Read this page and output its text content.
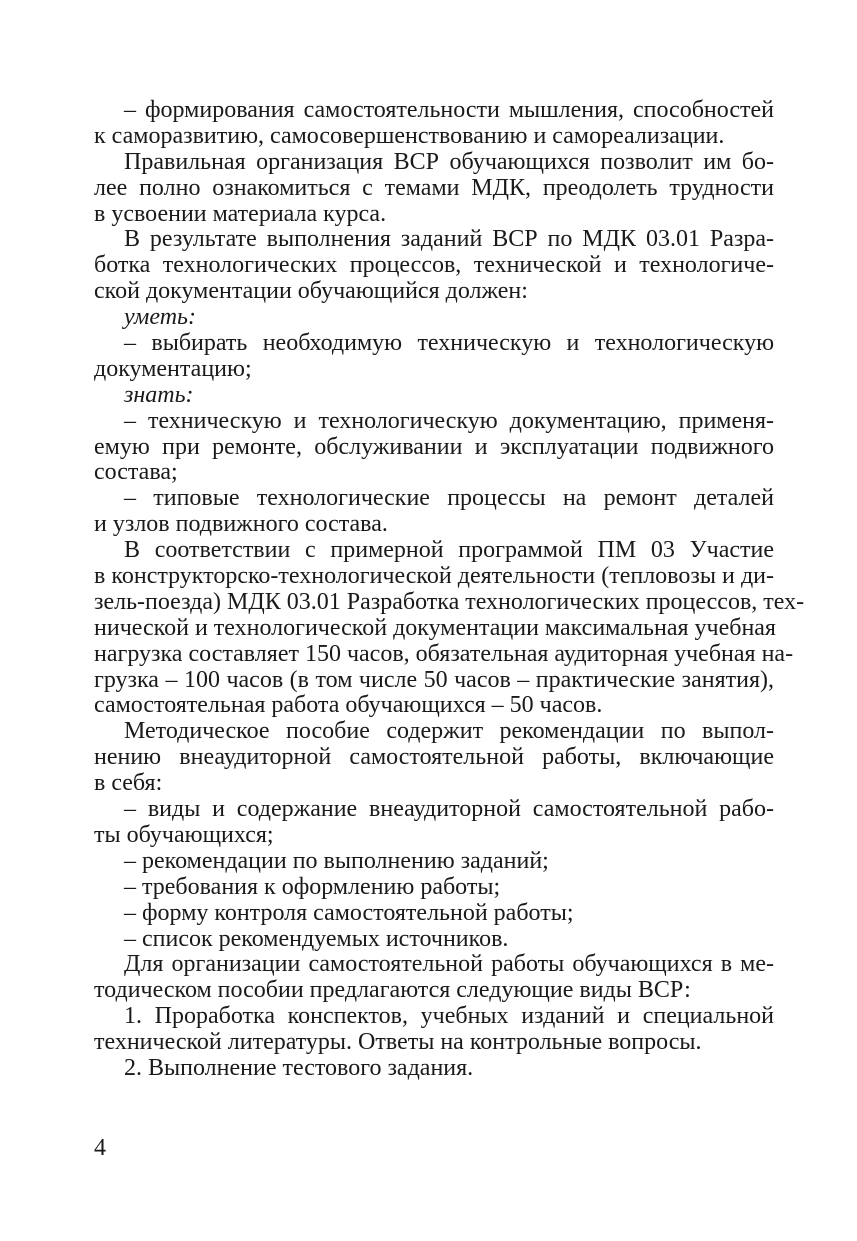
– формирования самостоятельности мышления, способностей
к саморазвитию, самосовершенствованию и самореализации.
Правильная организация ВСР обучающихся позволит им бо-
лее полно ознакомиться с темами МДК, преодолеть трудности
в усвоении материала курса.
В результате выполнения заданий ВСР по МДК 03.01 Разра-
ботка технологических процессов, технической и технологиче-
ской документации обучающийся должен:
уметь:
– выбирать необходимую техническую и технологическую
документацию;
знать:
– техническую и технологическую документацию, применя-
емую при ремонте, обслуживании и эксплуатации подвижного
состава;
– типовые технологические процессы на ремонт деталей
и узлов подвижного состава.
В соответствии с примерной программой ПМ 03 Участие
в конструкторско-технологической деятельности (тепловозы и ди-
зель-поезда) МДК 03.01 Разработка технологических процессов, тех-
нической и технологической документации максимальная учебная
нагрузка составляет 150 часов, обязательная аудиторная учебная на-
грузка – 100 часов (в том числе 50 часов – практические занятия),
самостоятельная работа обучающихся – 50 часов.
Методическое пособие содержит рекомендации по выпол-
нению внеаудиторной самостоятельной работы, включающие
в себя:
– виды и содержание внеаудиторной самостоятельной рабо-
ты обучающихся;
– рекомендации по выполнению заданий;
– требования к оформлению работы;
– форму контроля самостоятельной работы;
– список рекомендуемых источников.
Для организации самостоятельной работы обучающихся в ме-
тодическом пособии предлагаются следующие виды ВСР:
1. Проработка конспектов, учебных изданий и специальной
технической литературы. Ответы на контрольные вопросы.
2. Выполнение тестового задания.
4
